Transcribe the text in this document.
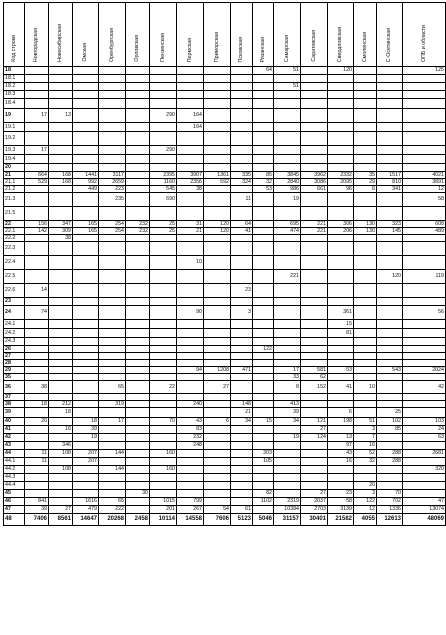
Код строки	Новгородская	Новосибирская	Омская	Оренбургская	Орловская	Пензенская	Пермская	Приморская	Псковская	Рязанская	Самарская	Саратовская	Свердловская	Смоленская	С-Осетинская	ОПБ и области
18										64	51		120			125
18.1																
18.2											51					
18.3																
18.4																
19	17	13				290	164									
19.1							164									
19.2																
19.3	17					290										
19.4																
20																
21	664	168	1441	3117		2395	3907	1361	335	85	3845	3962	2332	35	1517	4021
21.1	529	168	992	2659		1160	2356	592	324	32	2840	3086	2095	29	810	3891
21.2			449	223		545	38			53	986	661	96	6	341	12
21.3				235		690			11		19					58
21.5																
22	156	347	165	254	232	25	31	120	64		695	221	306	130	323	608
22.1	142	309	165	254	232	25	21	120	41		474	221	206	130	145	489
22.2		38														
22.3																
22.4							10									
22.5											221				120	119
22.6	14								23							
23																
24	74						90		3				361			56
24.1													15			
24.2													81			
24.3																
26										122						
27																
28																
29							94	1208	471		17	581	53		543	2024
35											33	62				
36	38			65		22		27			8	152	41	10		42
37																
38	18	212		319			240		148		413					
39		18							21		39		6		25	
40	20		18	17		70	43	6	34	15	34	121	198	51	102	103
41		16	39				83					27		3	85	24
42			19				232				19	124	13	7		63
43		346					248						97	16		
44	11	108	207	144		160				303			43	52	288	2681
44.1	11		207							105			16	32	288	
44.2		108		144		160										320
44.3																
44.4														20		
45					30					82		27	23	3	70	
46	841		1616	65		1015	799			1102	2319	2037	58	122	702	47
47	39	27	479	222		201	267	54	61		10384	2703	3139	12	1336	13074
48	7406	8561	14647	20268	2458	10114	14558	7606	5123	5046	31157	30401	21582	4055	12613	48069
